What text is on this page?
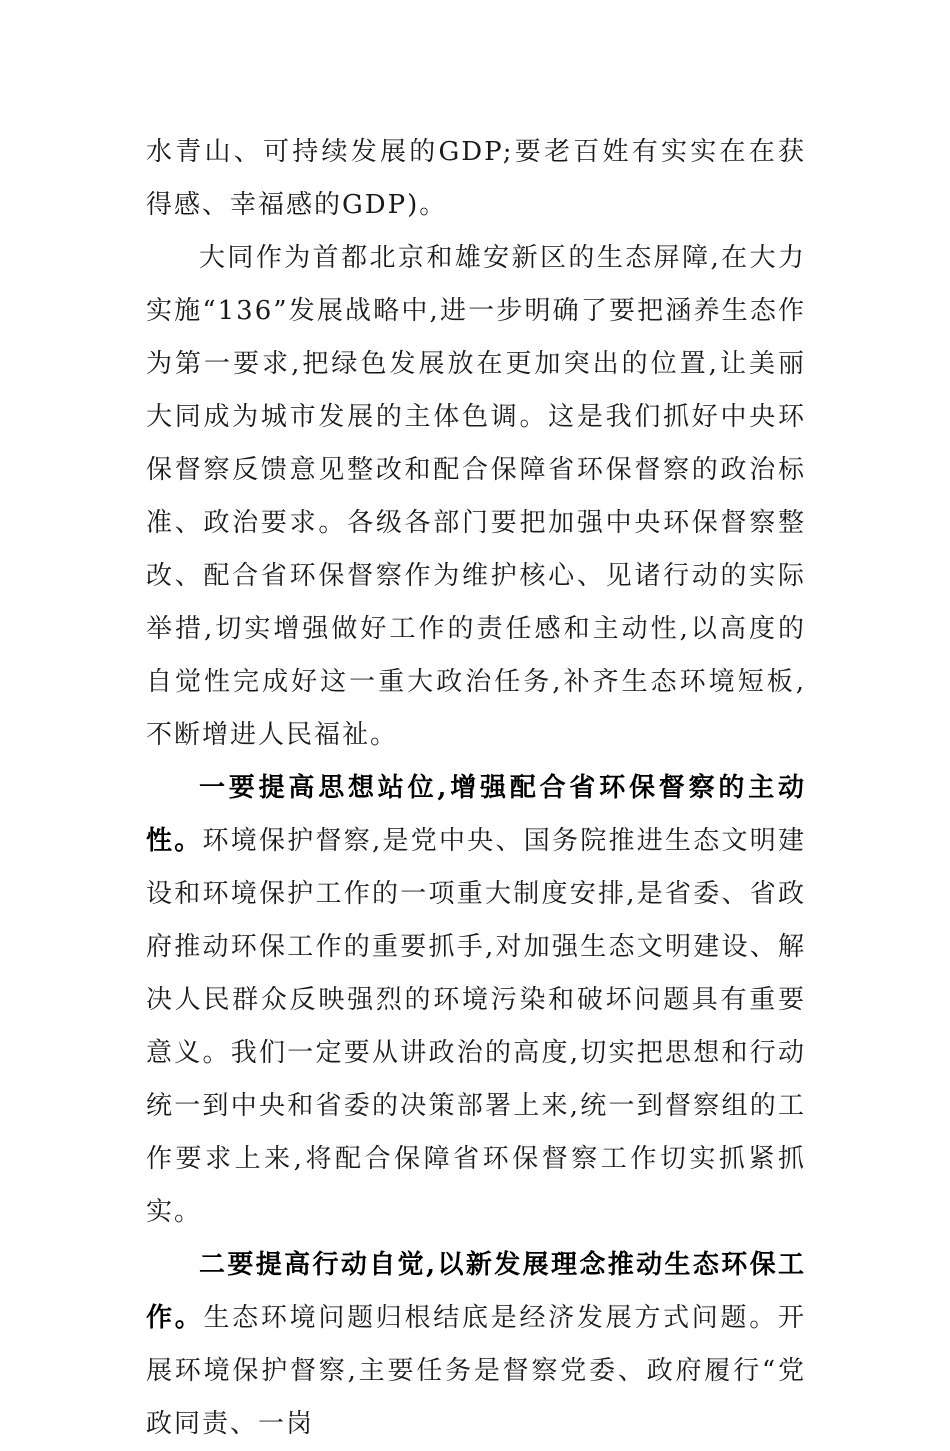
水青山、可持续发展的GDP;要老百姓有实实在在获得感、幸福感的GDP)。

大同作为首都北京和雄安新区的生态屏障,在大力实施“136”发展战略中,进一步明确了要把涵养生态作为第一要求,把绿色发展放在更加突出的位置,让美丽大同成为城市发展的主体色调。这是我们抓好中央环保督察反馈意见整改和配合保障省环保督察的政治标准、政治要求。各级各部门要把加强中央环保督察整改、配合省环保督察作为维护核心、见诸行动的实际举措,切实增强做好工作的责任感和主动性,以高度的自觉性完成好这一重大政治任务,补齐生态环境短板,不断增进人民福祉。

一要提高思想站位,增强配合省环保督察的主动性。环境保护督察,是党中央、国务院推进生态文明建设和环境保护工作的一项重大制度安排,是省委、省政府推动环保工作的重要抓手,对加强生态文明建设、解决人民群众反映强烈的环境污染和破坏问题具有重要意义。我们一定要从讲政治的高度,切实把思想和行动统一到中央和省委的决策部署上来,统一到督察组的工作要求上来,将配合保障省环保督察工作切实抓紧抓实。

二要提高行动自觉,以新发展理念推动生态环保工作。生态环境问题归根结底是经济发展方式问题。开展环境保护督察,主要任务是督察党委、政府履行“党政同责、一岗
